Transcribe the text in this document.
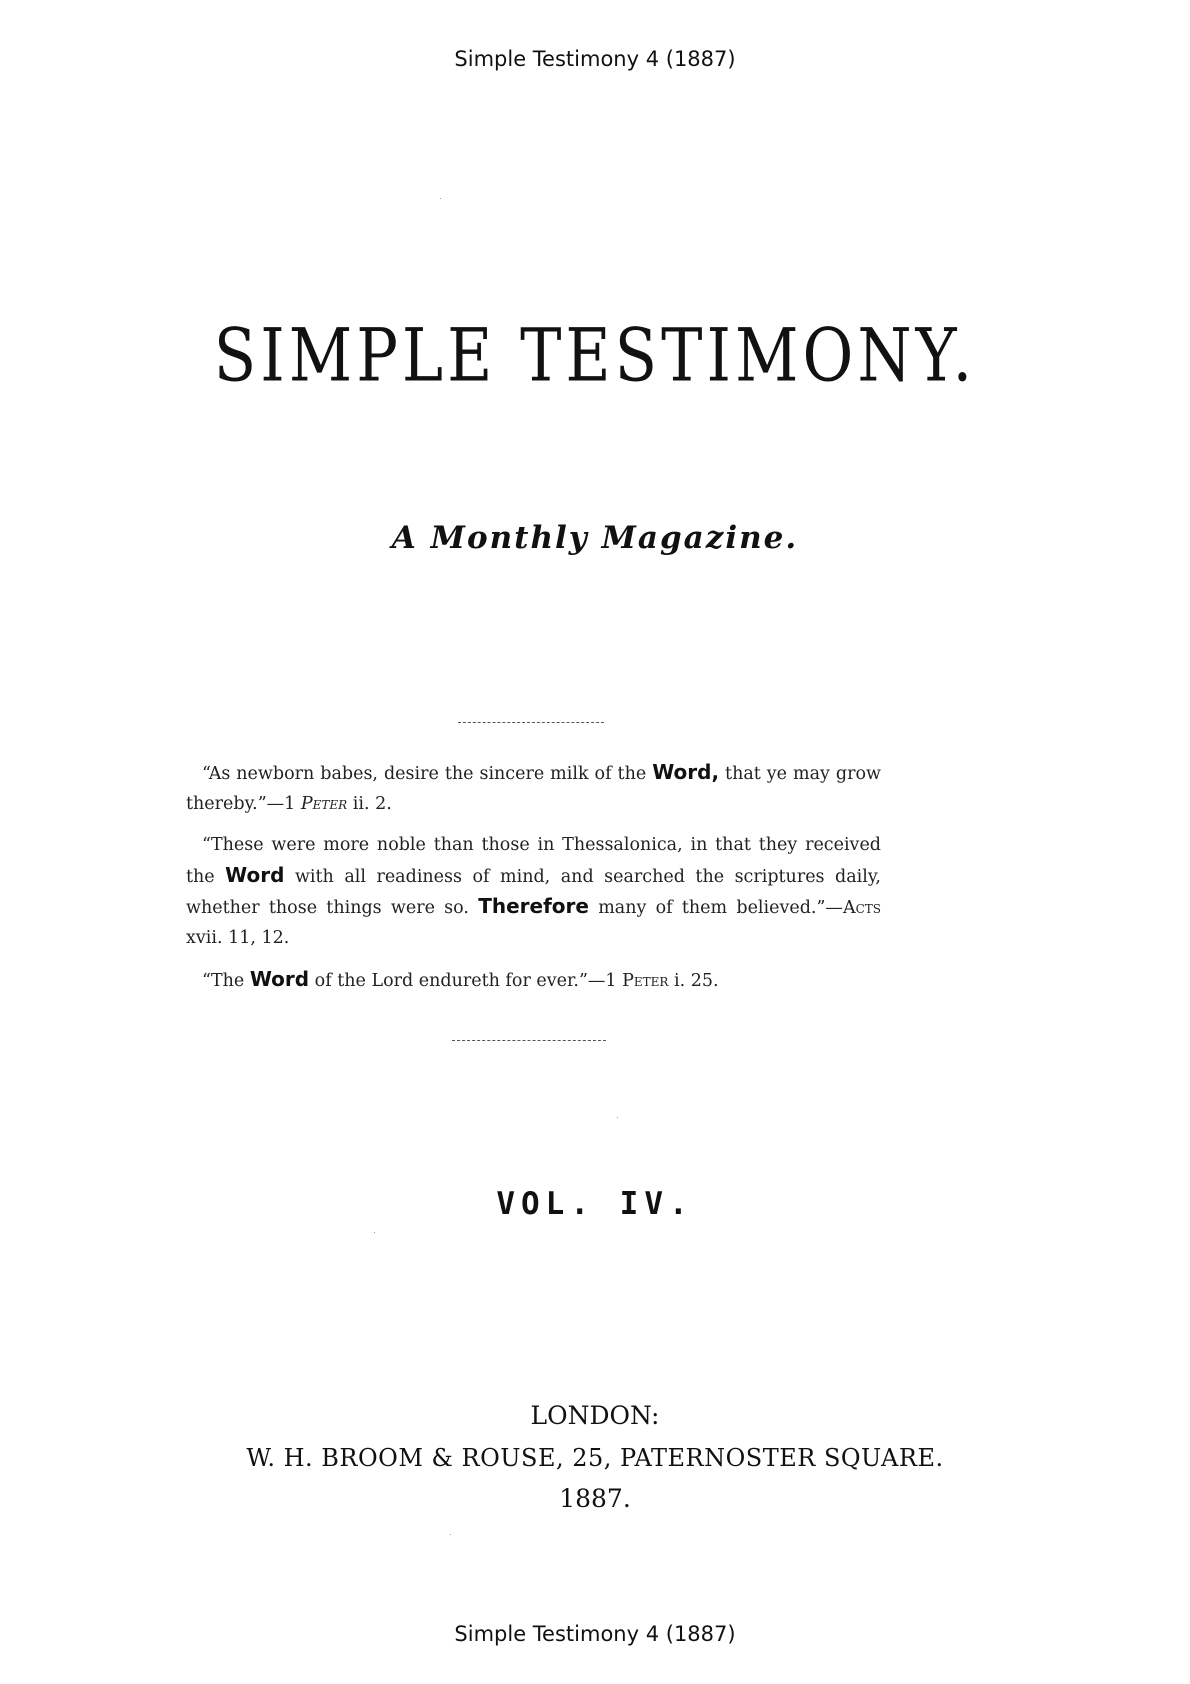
Simple Testimony 4 (1887)
SIMPLE TESTIMONY.
A Monthly Magazine.

“As newborn babes, desire the sincere milk of the Word, that ye may grow thereby.”—1 Peter ii. 2.

“These were more noble than those in Thessalonica, in that they received the Word with all readiness of mind, and searched the scriptures daily, whether those things were so. Therefore many of them believed.”—Acts xvii. 11, 12.

“The Word of the Lord endureth for ever.”—1 Peter i. 25.

VOL. IV.
LONDON:
W. H. BROOM & ROUSE, 25, PATERNOSTER SQUARE.
1887.
Simple Testimony 4 (1887)
